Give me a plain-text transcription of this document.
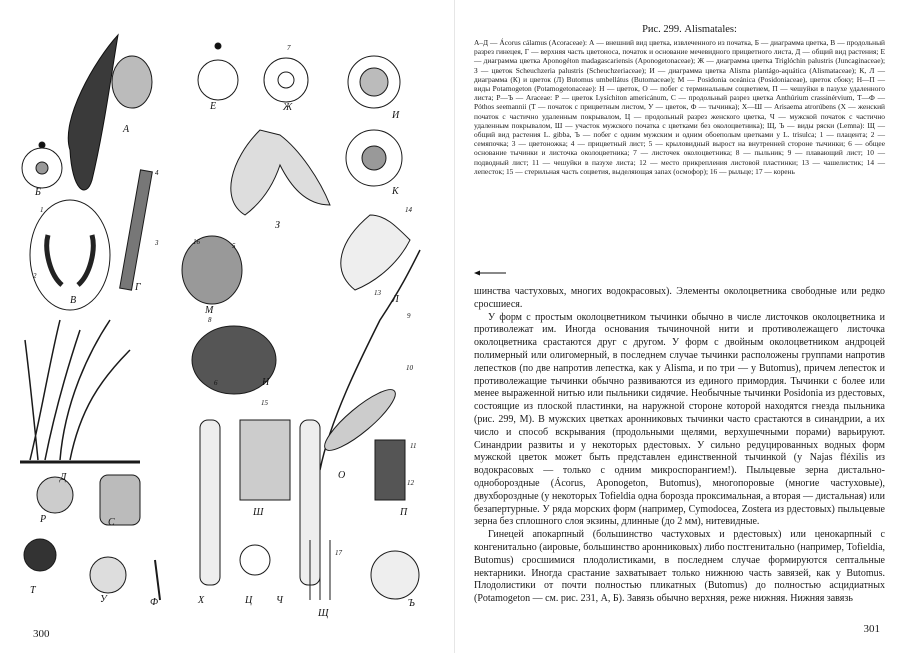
А
Б
В
Г
Д
Е	Ж
З
И
К
Л
М
Н
О
П
Р	С
Т
У	Ф	Х	Ц Ч
Ш
Щ
Ъ
1
2
3
4
5
6
7
8	9
10
11
12
13
14
15
16
17
300	301
Рис. 299. Alismatales:
А–Д — Ácorus cálamus (Acoraceae): А — внешний вид цветка, извлеченного из початка, Б — диаграмма цветка, В — продольный разрез гинецея, Г — верхняя часть цветоноса, початок и основание мечевидного прицветного листа, Д — общий вид растения; Е — диаграмма цветка Aponogéton madagascariensis (Aponogetonaceae); Ж — диаграмма цветка Triglóchin palustris (Juncaginaceae); З — цветок Scheuchzeria palustris (Scheuchzeriaceae); И — диаграмма цветка Alisma plantágo-aquática (Alismataceae); К, Л — диаграмма (К) и цветок (Л) Butomus umbellátus (Butomaceae); М — Posidonia oceánica (Posidoniaceae), цветок сбоку; Н—П — виды Potamogeton (Potamogetonaceae): Н — цветок, О — побег с терминальным соцветием, П — чешуйки в пазухе удаленного листа; Р—Ъ — Araceae: Р — цветок Lysíchiton americánum, С — продольный разрез цветка Anthúrium crassinérvium, Т—Ф — Póthos seemannii (Т — початок с прицветным листом, У — цветок, Ф — тычинка); Х—Ш — Arisaema atrorúbens (Х — женский початок с частично удаленным покрывалом, Ц — продольный разрез женского цветка, Ч — мужской початок с частично удаленным покрывалом, Ш — участок мужского початка с цветками без околоцветника); Щ, Ъ — виды ряски (Lemna): Щ — общий вид растения L. gibba, Ъ — побег с одним мужским и одним обоеполым цветками у L. trisulca; 1 — плацента; 2 — семяпочка; 3 — цветоножка; 4 — прицветный лист; 5 — крыловидный вырост на внутренней стороне тычинки; 6 — общее основание тычинки и листочка околоцветника; 7 — листочек околоцветника; 8 — пыльник; 9 — плавающий лист; 10 — подводный лист; 11 — чешуйки в пазухе листа; 12 — место прикрепления листовой пластинки; 13 — чашелистик; 14 — лепесток; 15 — стерильная часть соцветия, выделяющая запах (осмофор); 16 — рыльце; 17 — корень

шинства частуховых, многих водокрасовых). Элементы околоцветника свободные или редко сросшиеся.

У форм с простым околоцветником тычинки обычно в числе листочков околоцветника и противолежат им. Иногда основания тычиночной нити и противолежащего листочка околоцветника срастаются друг с другом. У форм с двойным околоцветником андроцей полимерный или олигомерный, в последнем случае тычинки расположены группами напротив лепестков (по две напротив лепестка, как у Alisma, и по три — у Butomus), причем лепесток и противолежащие тычинки обычно развиваются из единого примордия. Тычинки с более или менее выраженной нитью или пыльники сидячие. Необычные тычинки Posidonia из рдестовых, состоящие из плоской пластинки, на наружной стороне которой находятся гнезда пыльника (рис. 299, М). В мужских цветках аронниковых тычинки часто срастаются в синандрии, а их число и способ вскрывания (продольными щелями, верхушечными порами) варьируют. Синандрии развиты и у некоторых рдестовых. У сильно редуцированных водных форм мужской цветок может быть представлен единственной тычинкой (у Najas fléxilis из водокрасовых — только с одним микроспорангием!). Пыльцевые зерна дистально-однобороздные (Ácorus, Aponogeton, Butomus), многопоровые (многие частуховые), двухбороздные (у некоторых Tofieldia одна борозда проксимальная, а вторая — дистальная) или безапертурные. У ряда морских форм (например, Cymodocea, Zostera из рдестовых) пыльцевые зерна без сплошного слоя экзины, длинные (до 2 мм), нитевидные.

Гинецей апокарпный (большинство частуховых и рдестовых) или ценокарпный с конгенитально (аировые, большинство аронниковых) либо постгенитально (например, Tofieldia, Butomus) сросшимися плодолистиками, в последнем случае формируются септальные нектарники. Иногда срастание захватывает только нижнюю часть завязей, как у Butomus. Плодолистики от почти полностью пликатных (Butomus) до полностью асцидиатных (Potamogeton — см. рис. 231, А, Б). Завязь обычно верхняя, реже нижняя. Нижняя завязь
